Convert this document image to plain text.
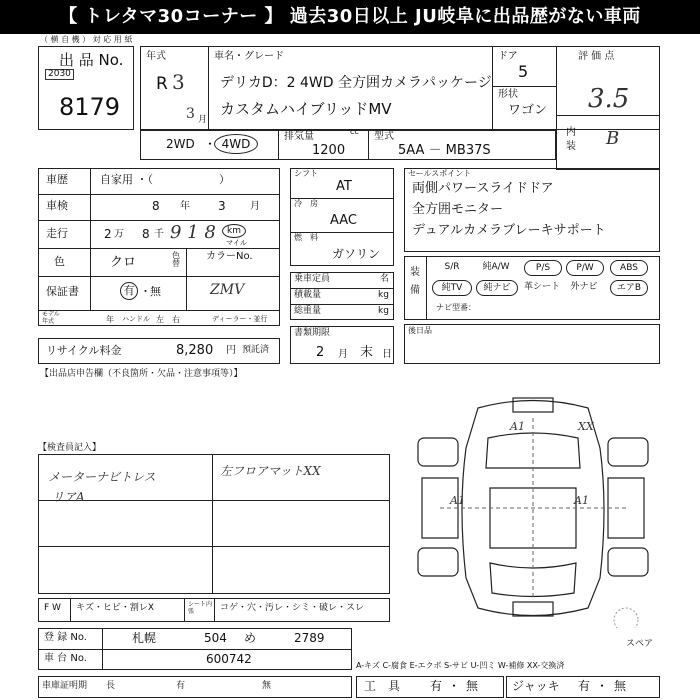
【 トレタマ30コーナー 】 過去30日以上 JU岐阜に出品歴がない車両
（ 横 自 機 ） 対 応 用 紙
出 品 No.
2030
8179
年式
R 3
3 月
車名・グレード
デリカD：2 4WD 全方囲カメラパッケージ
カスタムハイブリッドMV
ドア
5
形状
ワゴン
評 価 点
3.5
内
装 B
2WD ・ 4WD
排気量	cc
1200
型式
5AA － MB37S
車歴	自家用 ・（　　　　　　）
車検	8 年 3 月
走行	2 万 8 千 9 1 8	km
マイル
色	クロ	色替
カラーNo.
ZMV
保証書	有 ・ 無
モデル
年式	年 ハンドル 左 右	ディーラー・並行
リサイクル料金	8,280 円 預託済
【出品店申告欄（不良箇所・欠品・注意事項等）】
シフト
AT
冷　房
AAC
燃　料
ガソリン
乗車定員	名
積載量	kg
総重量	kg
書類期限
2 月 末 日
セールスポイント
両側パワースライドドア
全方囲モニター
デュアルカメラブレーキサポート
装
備
S/R	純A/W	P/S	P/W	ABS
純TV	純ナビ	革シート	外ナビ	エアB
ナビ型番：
後日品
【検査員記入】
メーターナビトレス
リアA
左フロアマットXX
A1	XX
A1	A1
スペア
F W キズ・ヒビ・割レX	シート内張	コゲ・穴・汚レ・シミ・破レ・スレ
登 録 No.	札幌	504 め	2789
車 台 No.	600742	A-キズ C-腐食 E-エクボ S-サビ U-凹ミ W-補修 XX-交換済
車庫証明期 長	有	無	工　具 有 ・ 無	ジャッキ 有 ・ 無
